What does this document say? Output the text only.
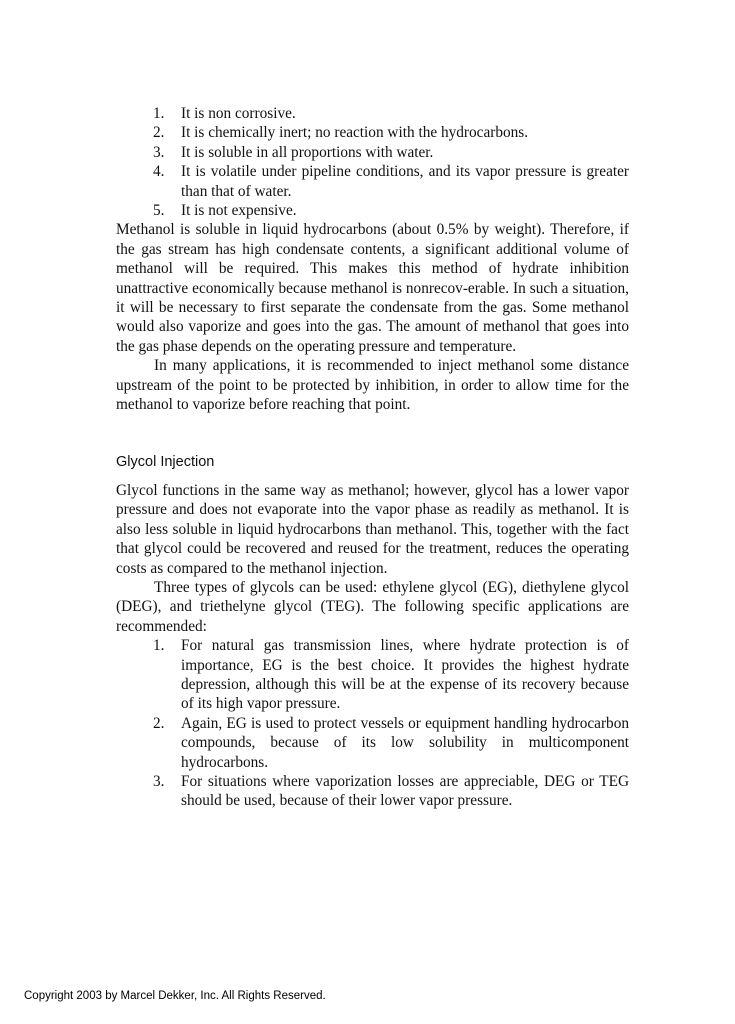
1.	It is non corrosive.
2.	It is chemically inert; no reaction with the hydrocarbons.
3.	It is soluble in all proportions with water.
4.	It is volatile under pipeline conditions, and its vapor pressure is greater than that of water.
5.	It is not expensive.

Methanol is soluble in liquid hydrocarbons (about 0.5% by weight). Therefore, if the gas stream has high condensate contents, a significant additional volume of methanol will be required. This makes this method of hydrate inhibition unattractive economically because methanol is nonrecov-erable. In such a situation, it will be necessary to first separate the condensate from the gas. Some methanol would also vaporize and goes into the gas. The amount of methanol that goes into the gas phase depends on the operating pressure and temperature.

In many applications, it is recommended to inject methanol some distance upstream of the point to be protected by inhibition, in order to allow time for the methanol to vaporize before reaching that point.

Glycol Injection

Glycol functions in the same way as methanol; however, glycol has a lower vapor pressure and does not evaporate into the vapor phase as readily as methanol. It is also less soluble in liquid hydrocarbons than methanol. This, together with the fact that glycol could be recovered and reused for the treatment, reduces the operating costs as compared to the methanol injection.

Three types of glycols can be used: ethylene glycol (EG), diethylene glycol (DEG), and triethelyne glycol (TEG). The following specific applications are recommended:

1.	For natural gas transmission lines, where hydrate protection is of importance, EG is the best choice. It provides the highest hydrate depression, although this will be at the expense of its recovery because of its high vapor pressure.
2.	Again, EG is used to protect vessels or equipment handling hydrocarbon compounds, because of its low solubility in multicomponent hydrocarbons.
3.	For situations where vaporization losses are appreciable, DEG or TEG should be used, because of their lower vapor pressure.
Copyright 2003 by Marcel Dekker, Inc. All Rights Reserved.
